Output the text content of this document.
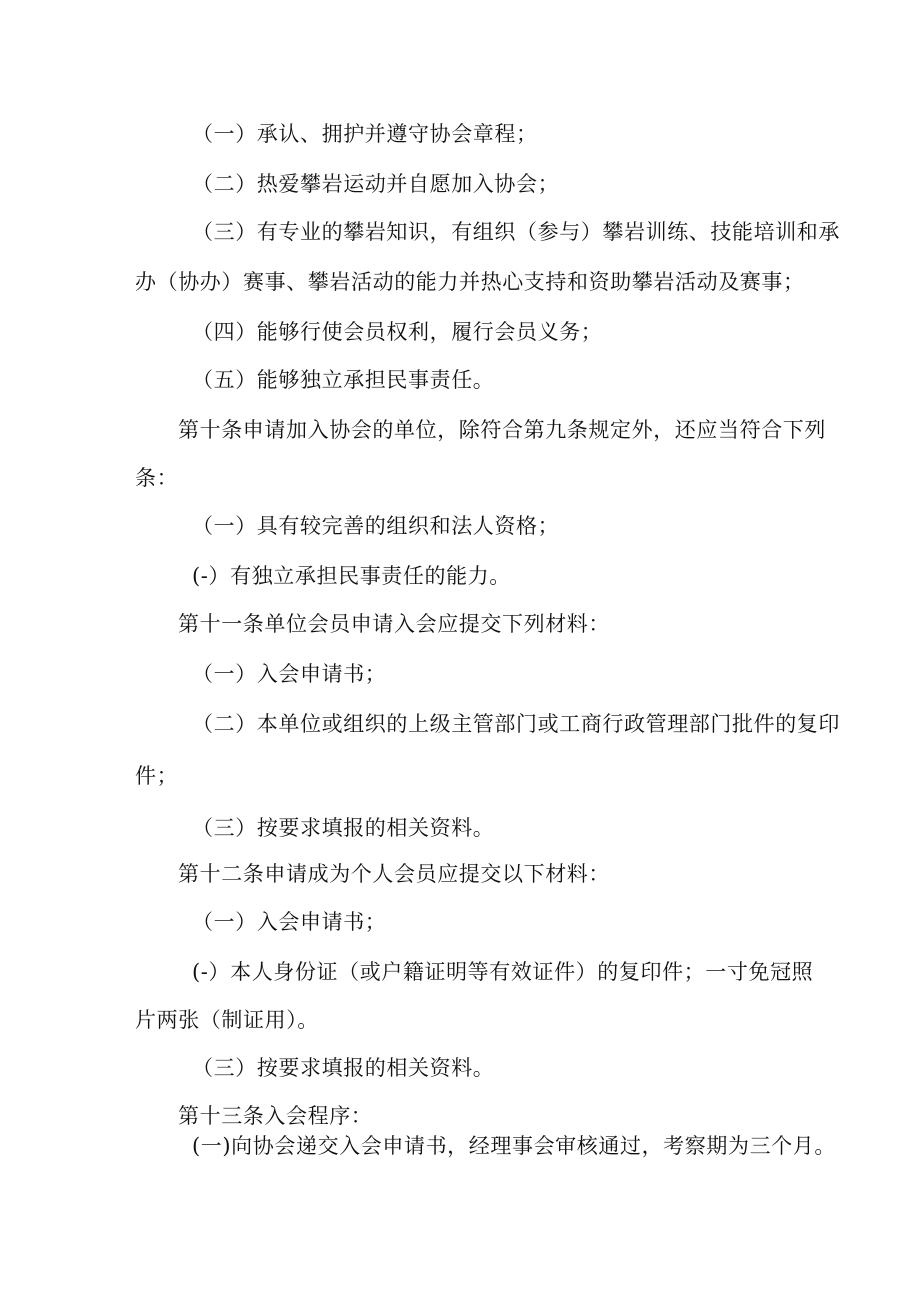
（一）承认、拥护并遵守协会章程；
（二）热爱攀岩运动并自愿加入协会；
（三）有专业的攀岩知识，有组织（参与）攀岩训练、技能培训和承
办（协办）赛事、攀岩活动的能力并热心支持和资助攀岩活动及赛事；
（四）能够行使会员权利，履行会员义务；
（五）能够独立承担民事责任。
第十条申请加入协会的单位，除符合第九条规定外，还应当符合下列
条：
（一）具有较完善的组织和法人资格；
(-）有独立承担民事责任的能力。
第十一条单位会员申请入会应提交下列材料：
（一）入会申请书；
（二）本单位或组织的上级主管部门或工商行政管理部门批件的复印
件；
（三）按要求填报的相关资料。
第十二条申请成为个人会员应提交以下材料：
（一）入会申请书；
(-）本人身份证（或户籍证明等有效证件）的复印件；一寸免冠照
片两张（制证用）。
（三）按要求填报的相关资料。
第十三条入会程序：
(一)向协会递交入会申请书，经理事会审核通过，考察期为三个月。
